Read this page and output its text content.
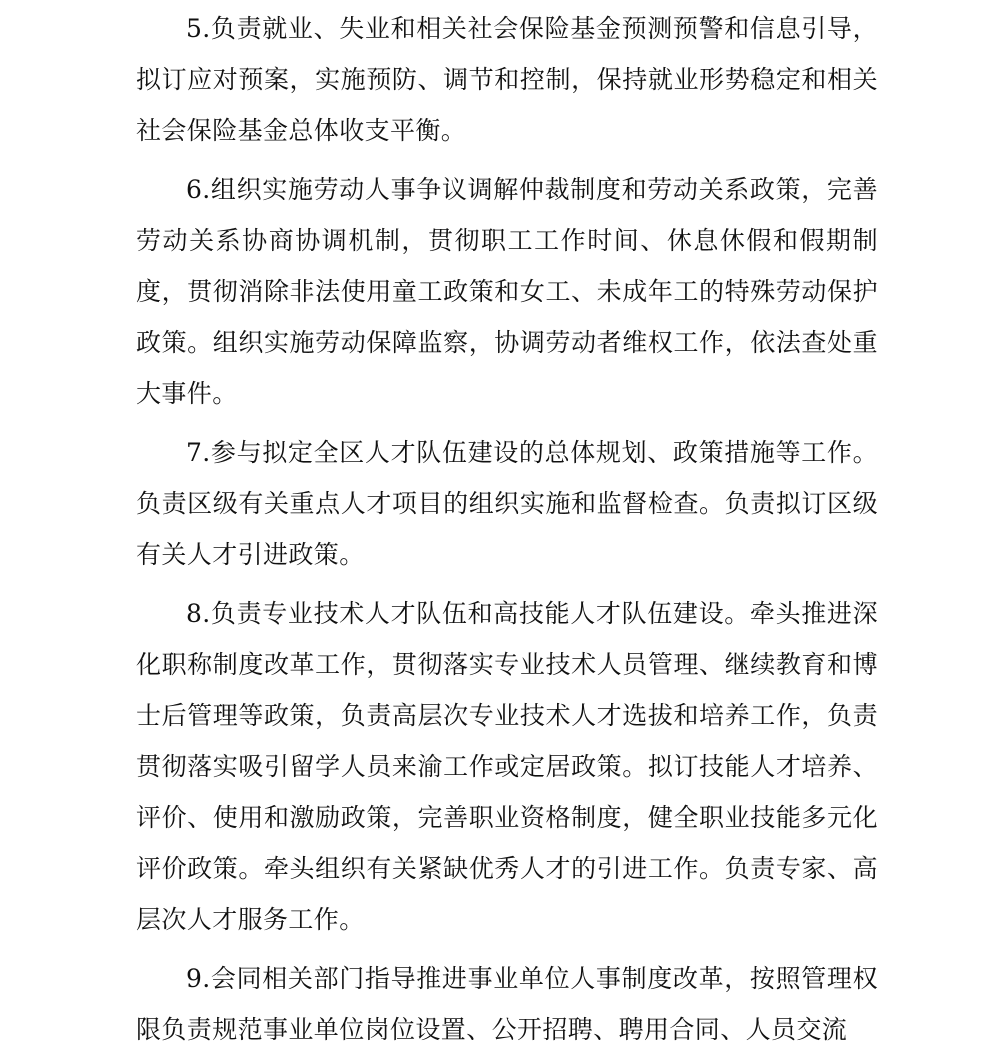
5.负责就业、失业和相关社会保险基金预测预警和信息引导，拟订应对预案，实施预防、调节和控制，保持就业形势稳定和相关社会保险基金总体收支平衡。

6.组织实施劳动人事争议调解仲裁制度和劳动关系政策，完善劳动关系协商协调机制，贯彻职工工作时间、休息休假和假期制度，贯彻消除非法使用童工政策和女工、未成年工的特殊劳动保护政策。组织实施劳动保障监察，协调劳动者维权工作，依法查处重大事件。

7.参与拟定全区人才队伍建设的总体规划、政策措施等工作。负责区级有关重点人才项目的组织实施和监督检查。负责拟订区级有关人才引进政策。

8.负责专业技术人才队伍和高技能人才队伍建设。牵头推进深化职称制度改革工作，贯彻落实专业技术人员管理、继续教育和博士后管理等政策，负责高层次专业技术人才选拔和培养工作，负责贯彻落实吸引留学人员来渝工作或定居政策。拟订技能人才培养、评价、使用和激励政策，完善职业资格制度，健全职业技能多元化评价政策。牵头组织有关紧缺优秀人才的引进工作。负责专家、高层次人才服务工作。

9.会同相关部门指导推进事业单位人事制度改革，按照管理权限负责规范事业单位岗位设置、公开招聘、聘用合同、人员交流
